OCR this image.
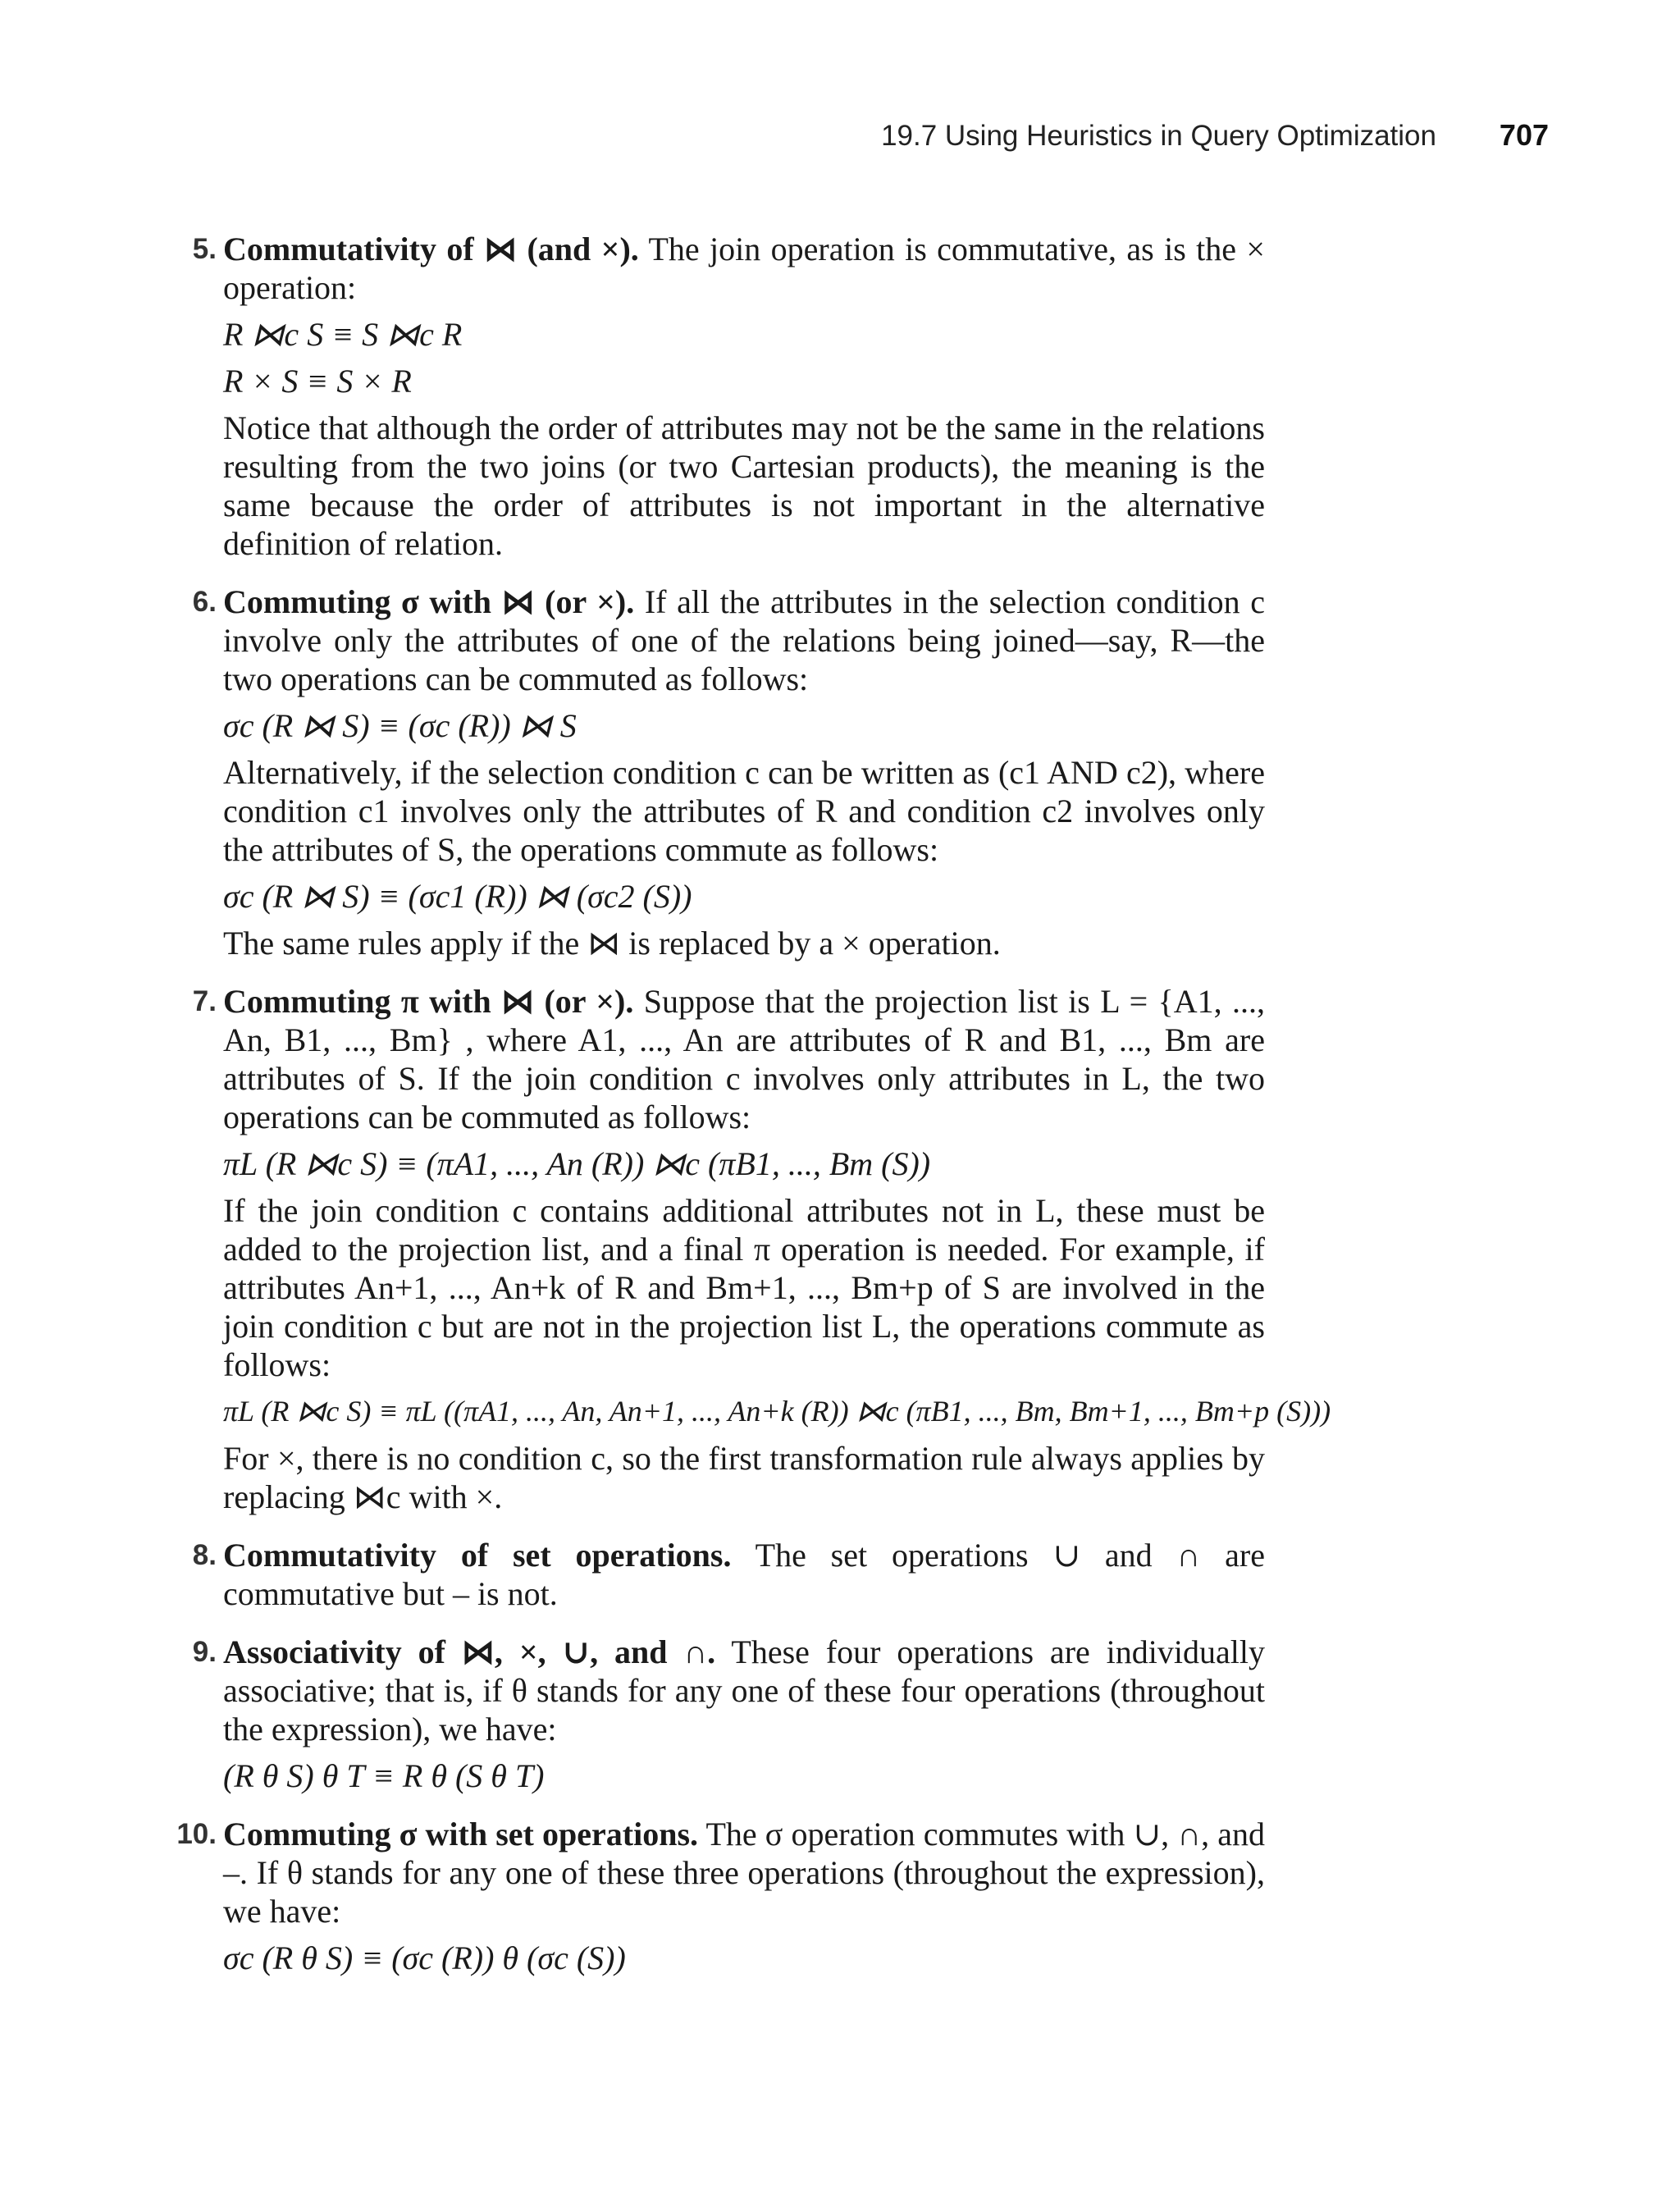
19.7 Using Heuristics in Query Optimization 707
5. Commutativity of ⋈ (and ×). The join operation is commutative, as is the × operation:

R ⋈c S ≡ S ⋈c R
R × S ≡ S × R

Notice that although the order of attributes may not be the same in the relations resulting from the two joins (or two Cartesian products), the meaning is the same because the order of attributes is not important in the alternative definition of relation.

6. Commuting σ with ⋈ (or ×). If all the attributes in the selection condition c involve only the attributes of one of the relations being joined—say, R—the two operations can be commuted as follows:

σc (R ⋈ S) ≡ (σc (R)) ⋈ S

Alternatively, if the selection condition c can be written as (c1 AND c2), where condition c1 involves only the attributes of R and condition c2 involves only the attributes of S, the operations commute as follows:

σc (R ⋈ S) ≡ (σc1 (R)) ⋈ (σc2 (S))

The same rules apply if the ⋈ is replaced by a × operation.

7. Commuting π with ⋈ (or ×). Suppose that the projection list is L = {A1, ..., An, B1, ..., Bm} , where A1, ..., An are attributes of R and B1, ..., Bm are attributes of S. If the join condition c involves only attributes in L, the two operations can be commuted as follows:

πL (R ⋈c S) ≡ (πA1, ..., An (R)) ⋈c (πB1, ..., Bm (S))

If the join condition c contains additional attributes not in L, these must be added to the projection list, and a final π operation is needed. For example, if attributes An+1, ..., An+k of R and Bm+1, ..., Bm+p of S are involved in the join condition c but are not in the projection list L, the operations commute as follows:

πL (R ⋈c S) ≡ πL ((πA1, ..., An, An+1, ..., An+k (R)) ⋈c (πB1, ..., Bm, Bm+1, ..., Bm+p (S)))

For ×, there is no condition c, so the first transformation rule always applies by replacing ⋈c with ×.

8. Commutativity of set operations. The set operations ∪ and ∩ are commutative but – is not.

9. Associativity of ⋈, ×, ∪, and ∩. These four operations are individually associative; that is, if θ stands for any one of these four operations (throughout the expression), we have:

(R θ S) θ T ≡ R θ (S θ T)
10. Commuting σ with set operations. The σ operation commutes with ∪, ∩, and –. If θ stands for any one of these three operations (throughout the expression), we have:

σc (R θ S) ≡ (σc (R)) θ (σc (S))
